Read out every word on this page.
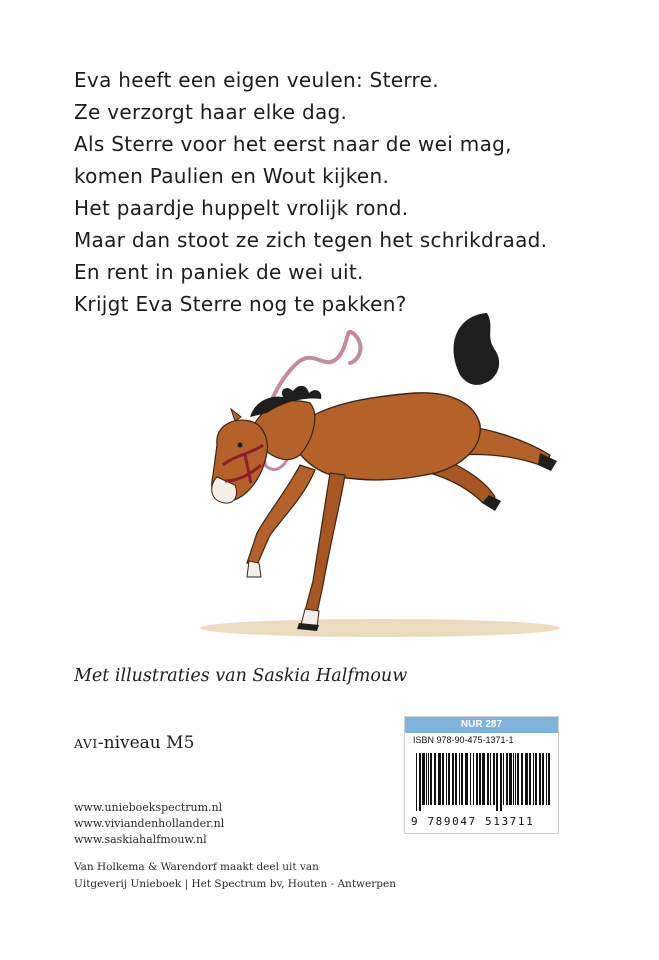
Eva heeft een eigen veulen: Sterre.
Ze verzorgt haar elke dag.
Als Sterre voor het eerst naar de wei mag,
komen Paulien en Wout kijken.
Het paardje huppelt vrolijk rond.
Maar dan stoot ze zich tegen het schrikdraad.
En rent in paniek de wei uit.
Krijgt Eva Sterre nog te pakken?
Met illustraties van Saskia Halfmouw
AVI-niveau M5
www.unieboekspectrum.nl
www.viviandenhollander.nl
www.saskiahalfmouw.nl
Van Holkema & Warendorf maakt deel uit van
Uitgeverij Unieboek | Het Spectrum bv, Houten - Antwerpen
NUR 287
ISBN 978-90-475-1371-1
9 789047 513711
